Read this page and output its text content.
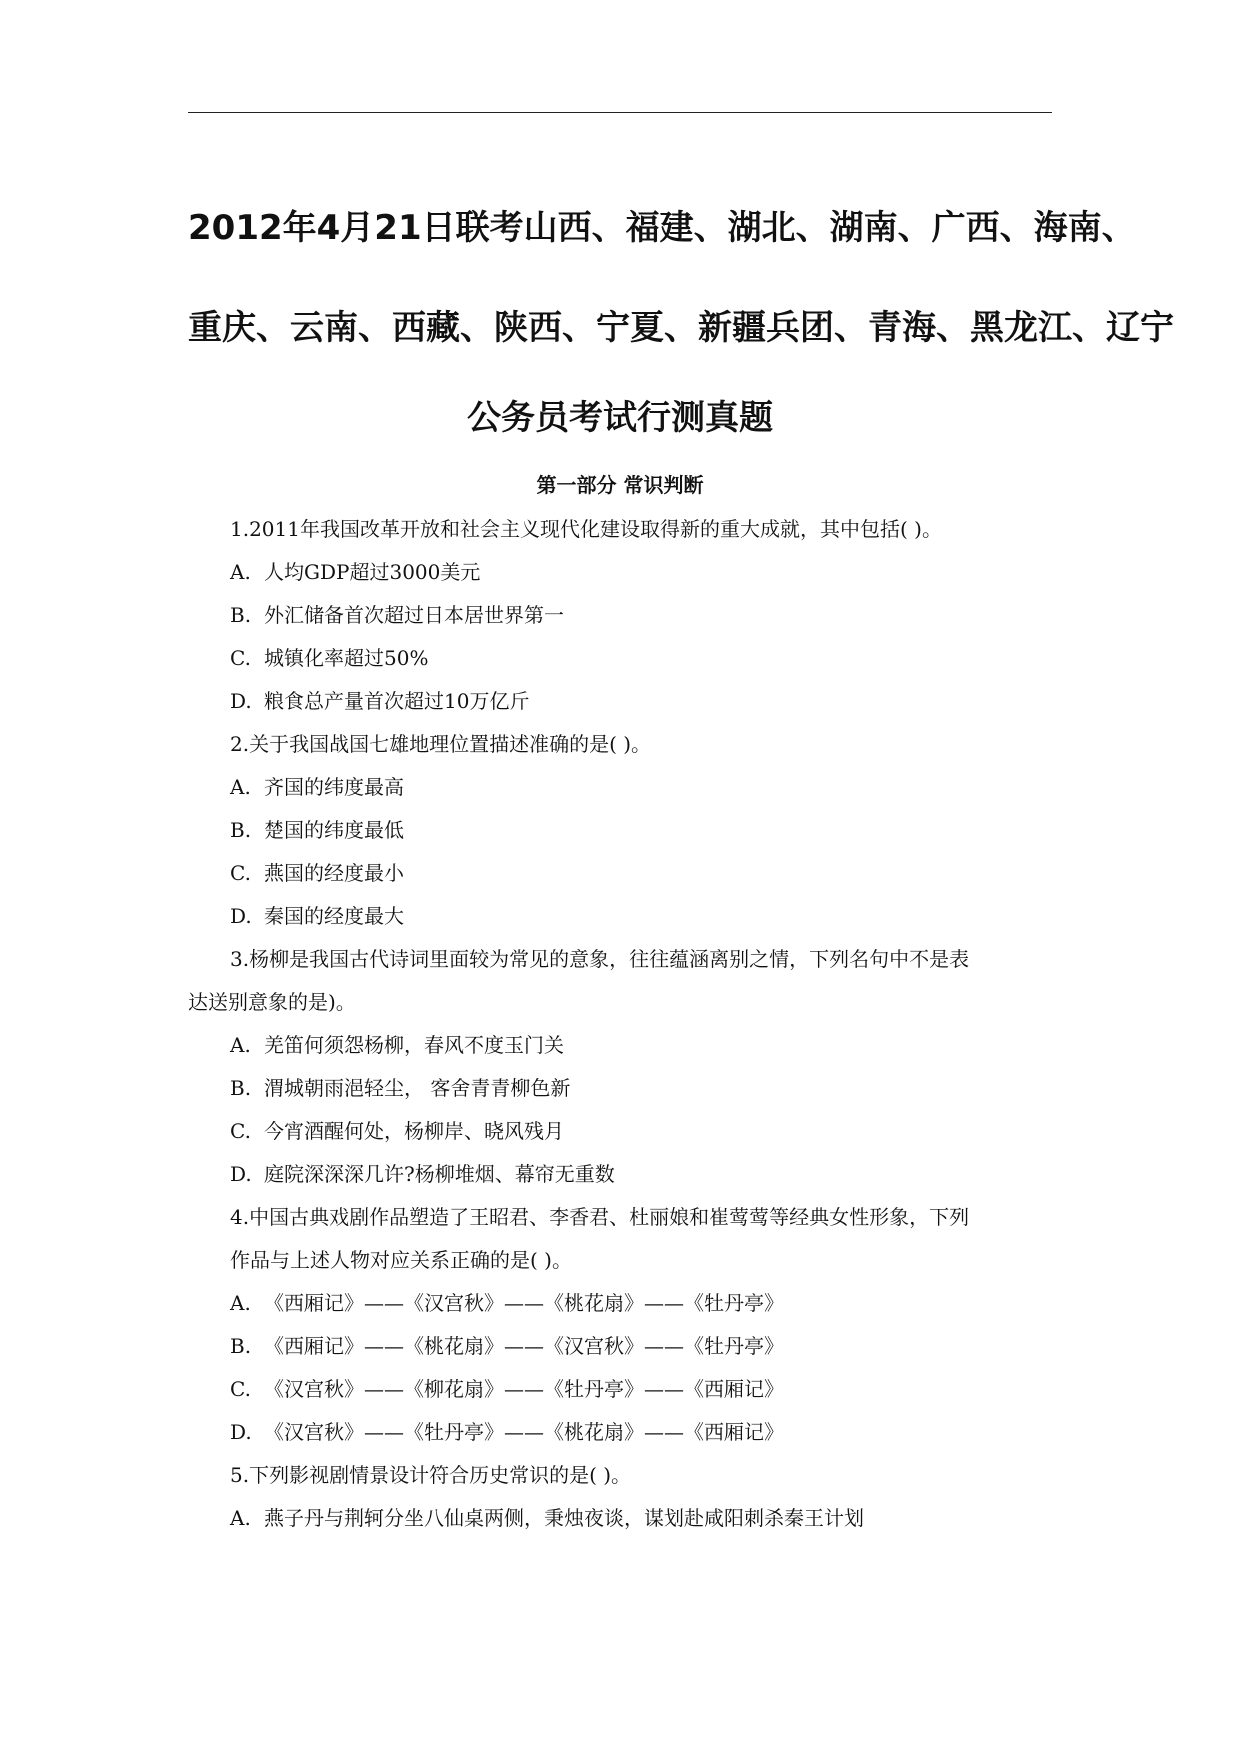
2012年4月21日联考山西、福建、湖北、湖南、广西、海南、
重庆、云南、西藏、陕西、宁夏、新疆兵团、青海、黑龙江、辽宁
公务员考试行测真题
第一部分 常识判断
1.2011年我国改革开放和社会主义现代化建设取得新的重大成就，其中包括( )。
A. 人均GDP超过3000美元
B. 外汇储备首次超过日本居世界第一
C. 城镇化率超过50%
D. 粮食总产量首次超过10万亿斤
2.关于我国战国七雄地理位置描述准确的是( )。
A. 齐国的纬度最高
B. 楚国的纬度最低
C. 燕国的经度最小
D. 秦国的经度最大
3.杨柳是我国古代诗词里面较为常见的意象，往往蕴涵离别之情，下列名句中不是表
达送别意象的是)。
A. 羌笛何须怨杨柳，春风不度玉门关
B. 渭城朝雨浥轻尘， 客舍青青柳色新
C. 今宵酒醒何处，杨柳岸、晓风残月
D. 庭院深深深几许?杨柳堆烟、幕帘无重数
4.中国古典戏剧作品塑造了王昭君、李香君、杜丽娘和崔莺莺等经典女性形象，下列
作品与上述人物对应关系正确的是( )。
A. 《西厢记》——《汉宫秋》——《桃花扇》——《牡丹亭》
B. 《西厢记》——《桃花扇》——《汉宫秋》——《牡丹亭》
C. 《汉宫秋》——《柳花扇》——《牡丹亭》——《西厢记》
D. 《汉宫秋》——《牡丹亭》——《桃花扇》——《西厢记》
5.下列影视剧情景设计符合历史常识的是( )。
A. 燕子丹与荆轲分坐八仙桌两侧，秉烛夜谈，谋划赴咸阳刺杀秦王计划
